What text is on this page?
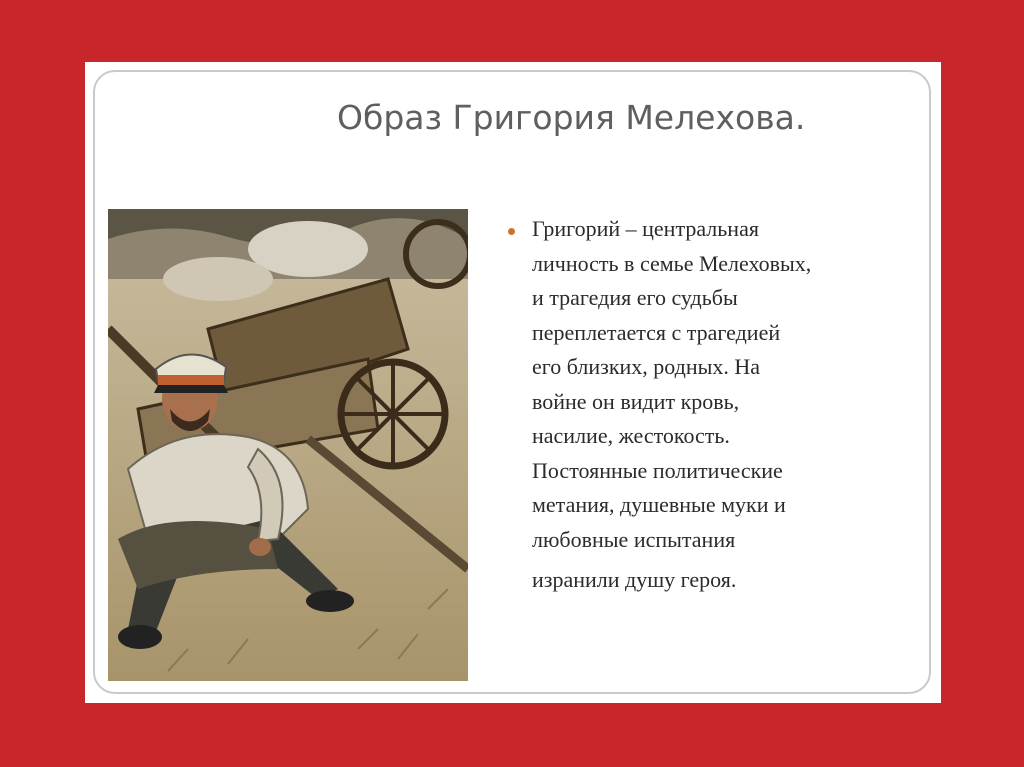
Образ Григория Мелехова.

Григорий – центральная
личность в семье Мелеховых,
и трагедия его судьбы
переплетается с трагедией
его близких, родных. На
войне он видит кровь,
насилие, жестокость.
Постоянные политические
метания, душевные муки и
любовные испытания
изранили душу героя.
